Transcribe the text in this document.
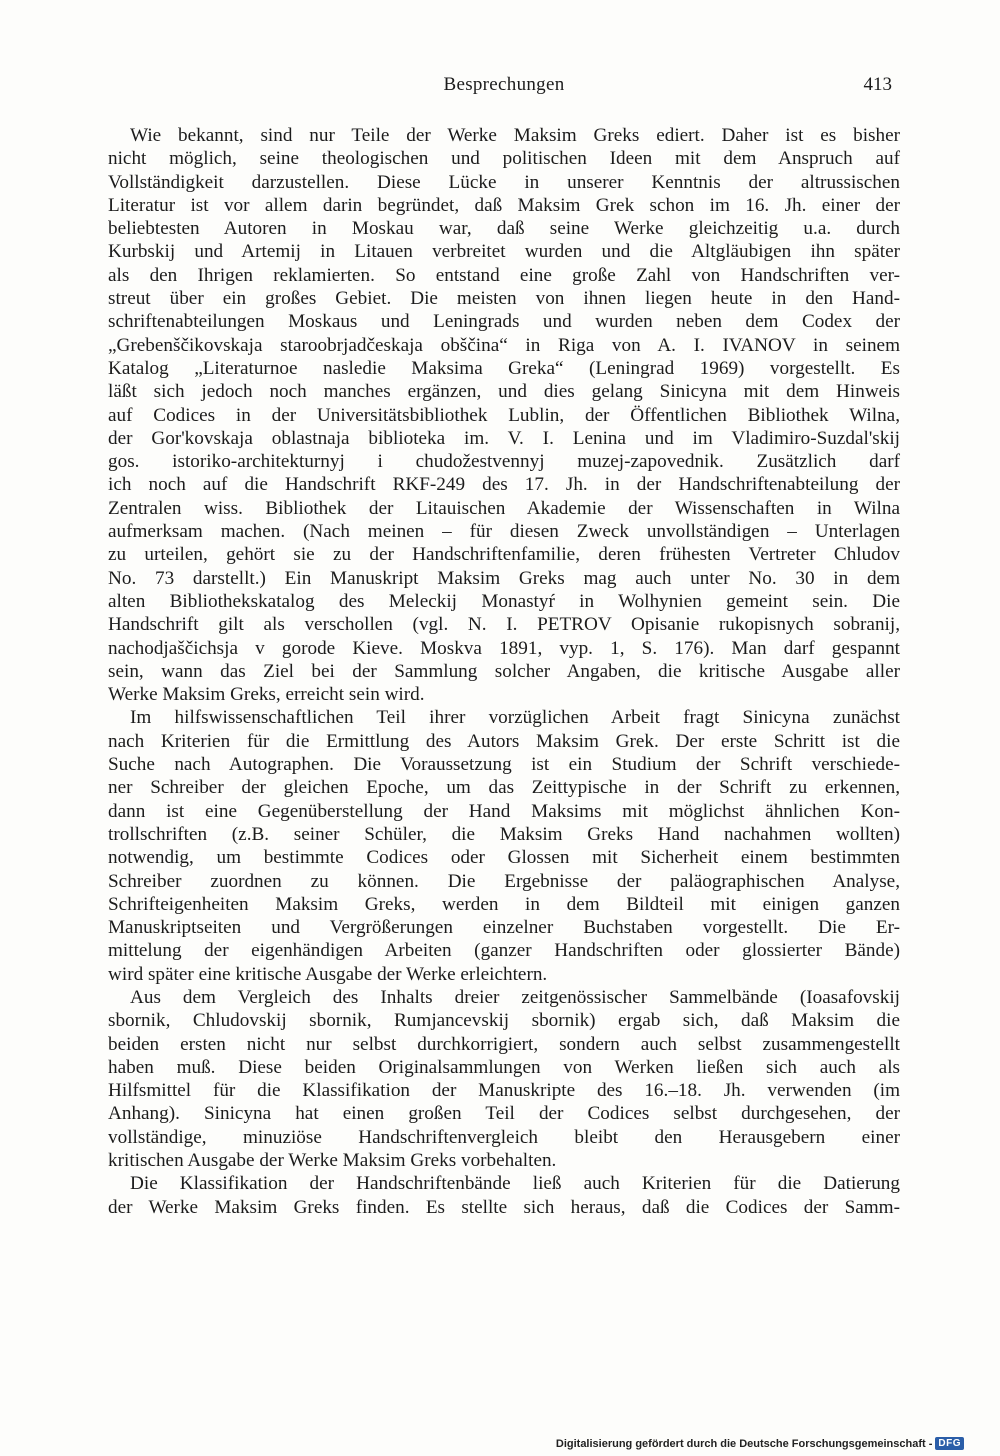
Besprechungen	413
Wie bekannt, sind nur Teile der Werke Maksim Greks ediert. Daher ist es bisher
nicht möglich, seine theologischen und politischen Ideen mit dem Anspruch auf
Vollständigkeit darzustellen. Diese Lücke in unserer Kenntnis der altrussischen
Literatur ist vor allem darin begründet, daß Maksim Grek schon im 16. Jh. einer der
beliebtesten Autoren in Moskau war, daß seine Werke gleichzeitig u.a. durch
Kurbskij und Artemij in Litauen verbreitet wurden und die Altgläubigen ihn später
als den Ihrigen reklamierten. So entstand eine große Zahl von Handschriften ver-
streut über ein großes Gebiet. Die meisten von ihnen liegen heute in den Hand-
schriftenabteilungen Moskaus und Leningrads und wurden neben dem Codex der
„Grebenščikovskaja staroobrjadčeskaja obščina“ in Riga von A. I. IVANOV in seinem
Katalog „Literaturnoe nasledie Maksima Greka“ (Leningrad 1969) vorgestellt. Es
läßt sich jedoch noch manches ergänzen, und dies gelang Sinicyna mit dem Hinweis
auf Codices in der Universitätsbibliothek Lublin, der Öffentlichen Bibliothek Wilna,
der Gor'kovskaja oblastnaja biblioteka im. V. I. Lenina und im Vladimiro-Suzdal'skij
gos. istoriko-architekturnyj i chudožestvennyj muzej-zapovednik. Zusätzlich darf
ich noch auf die Handschrift RKF-249 des 17. Jh. in der Handschriftenabteilung der
Zentralen wiss. Bibliothek der Litauischen Akademie der Wissenschaften in Wilna
aufmerksam machen. (Nach meinen – für diesen Zweck unvollständigen – Unterlagen
zu urteilen, gehört sie zu der Handschriftenfamilie, deren frühesten Vertreter Chludov
No. 73 darstellt.) Ein Manuskript Maksim Greks mag auch unter No. 30 in dem
alten Bibliothekskatalog des Meleckij Monastyŕ in Wolhynien gemeint sein. Die
Handschrift gilt als verschollen (vgl. N. I. PETROV Opisanie rukopisnych sobranij,
nachodjaščichsja v gorode Kieve. Moskva 1891, vyp. 1, S. 176). Man darf gespannt
sein, wann das Ziel bei der Sammlung solcher Angaben, die kritische Ausgabe aller
Werke Maksim Greks, erreicht sein wird.
Im hilfswissenschaftlichen Teil ihrer vorzüglichen Arbeit fragt Sinicyna zunächst
nach Kriterien für die Ermittlung des Autors Maksim Grek. Der erste Schritt ist die
Suche nach Autographen. Die Voraussetzung ist ein Studium der Schrift verschiede-
ner Schreiber der gleichen Epoche, um das Zeittypische in der Schrift zu erkennen,
dann ist eine Gegenüberstellung der Hand Maksims mit möglichst ähnlichen Kon-
trollschriften (z.B. seiner Schüler, die Maksim Greks Hand nachahmen wollten)
notwendig, um bestimmte Codices oder Glossen mit Sicherheit einem bestimmten
Schreiber zuordnen zu können. Die Ergebnisse der paläographischen Analyse,
Schrifteigenheiten Maksim Greks, werden in dem Bildteil mit einigen ganzen
Manuskriptseiten und Vergrößerungen einzelner Buchstaben vorgestellt. Die Er-
mittelung der eigenhändigen Arbeiten (ganzer Handschriften oder glossierter Bände)
wird später eine kritische Ausgabe der Werke erleichtern.
Aus dem Vergleich des Inhalts dreier zeitgenössischer Sammelbände (Ioasafovskij
sbornik, Chludovskij sbornik, Rumjancevskij sbornik) ergab sich, daß Maksim die
beiden ersten nicht nur selbst durchkorrigiert, sondern auch selbst zusammengestellt
haben muß. Diese beiden Originalsammlungen von Werken ließen sich auch als
Hilfsmittel für die Klassifikation der Manuskripte des 16.–18. Jh. verwenden (im
Anhang). Sinicyna hat einen großen Teil der Codices selbst durchgesehen, der
vollständige, minuziöse Handschriftenvergleich bleibt den Herausgebern einer
kritischen Ausgabe der Werke Maksim Greks vorbehalten.
Die Klassifikation der Handschriftenbände ließ auch Kriterien für die Datierung
der Werke Maksim Greks finden. Es stellte sich heraus, daß die Codices der Samm-
Digitalisierung gefördert durch die Deutsche Forschungsgemeinschaft - DFG
